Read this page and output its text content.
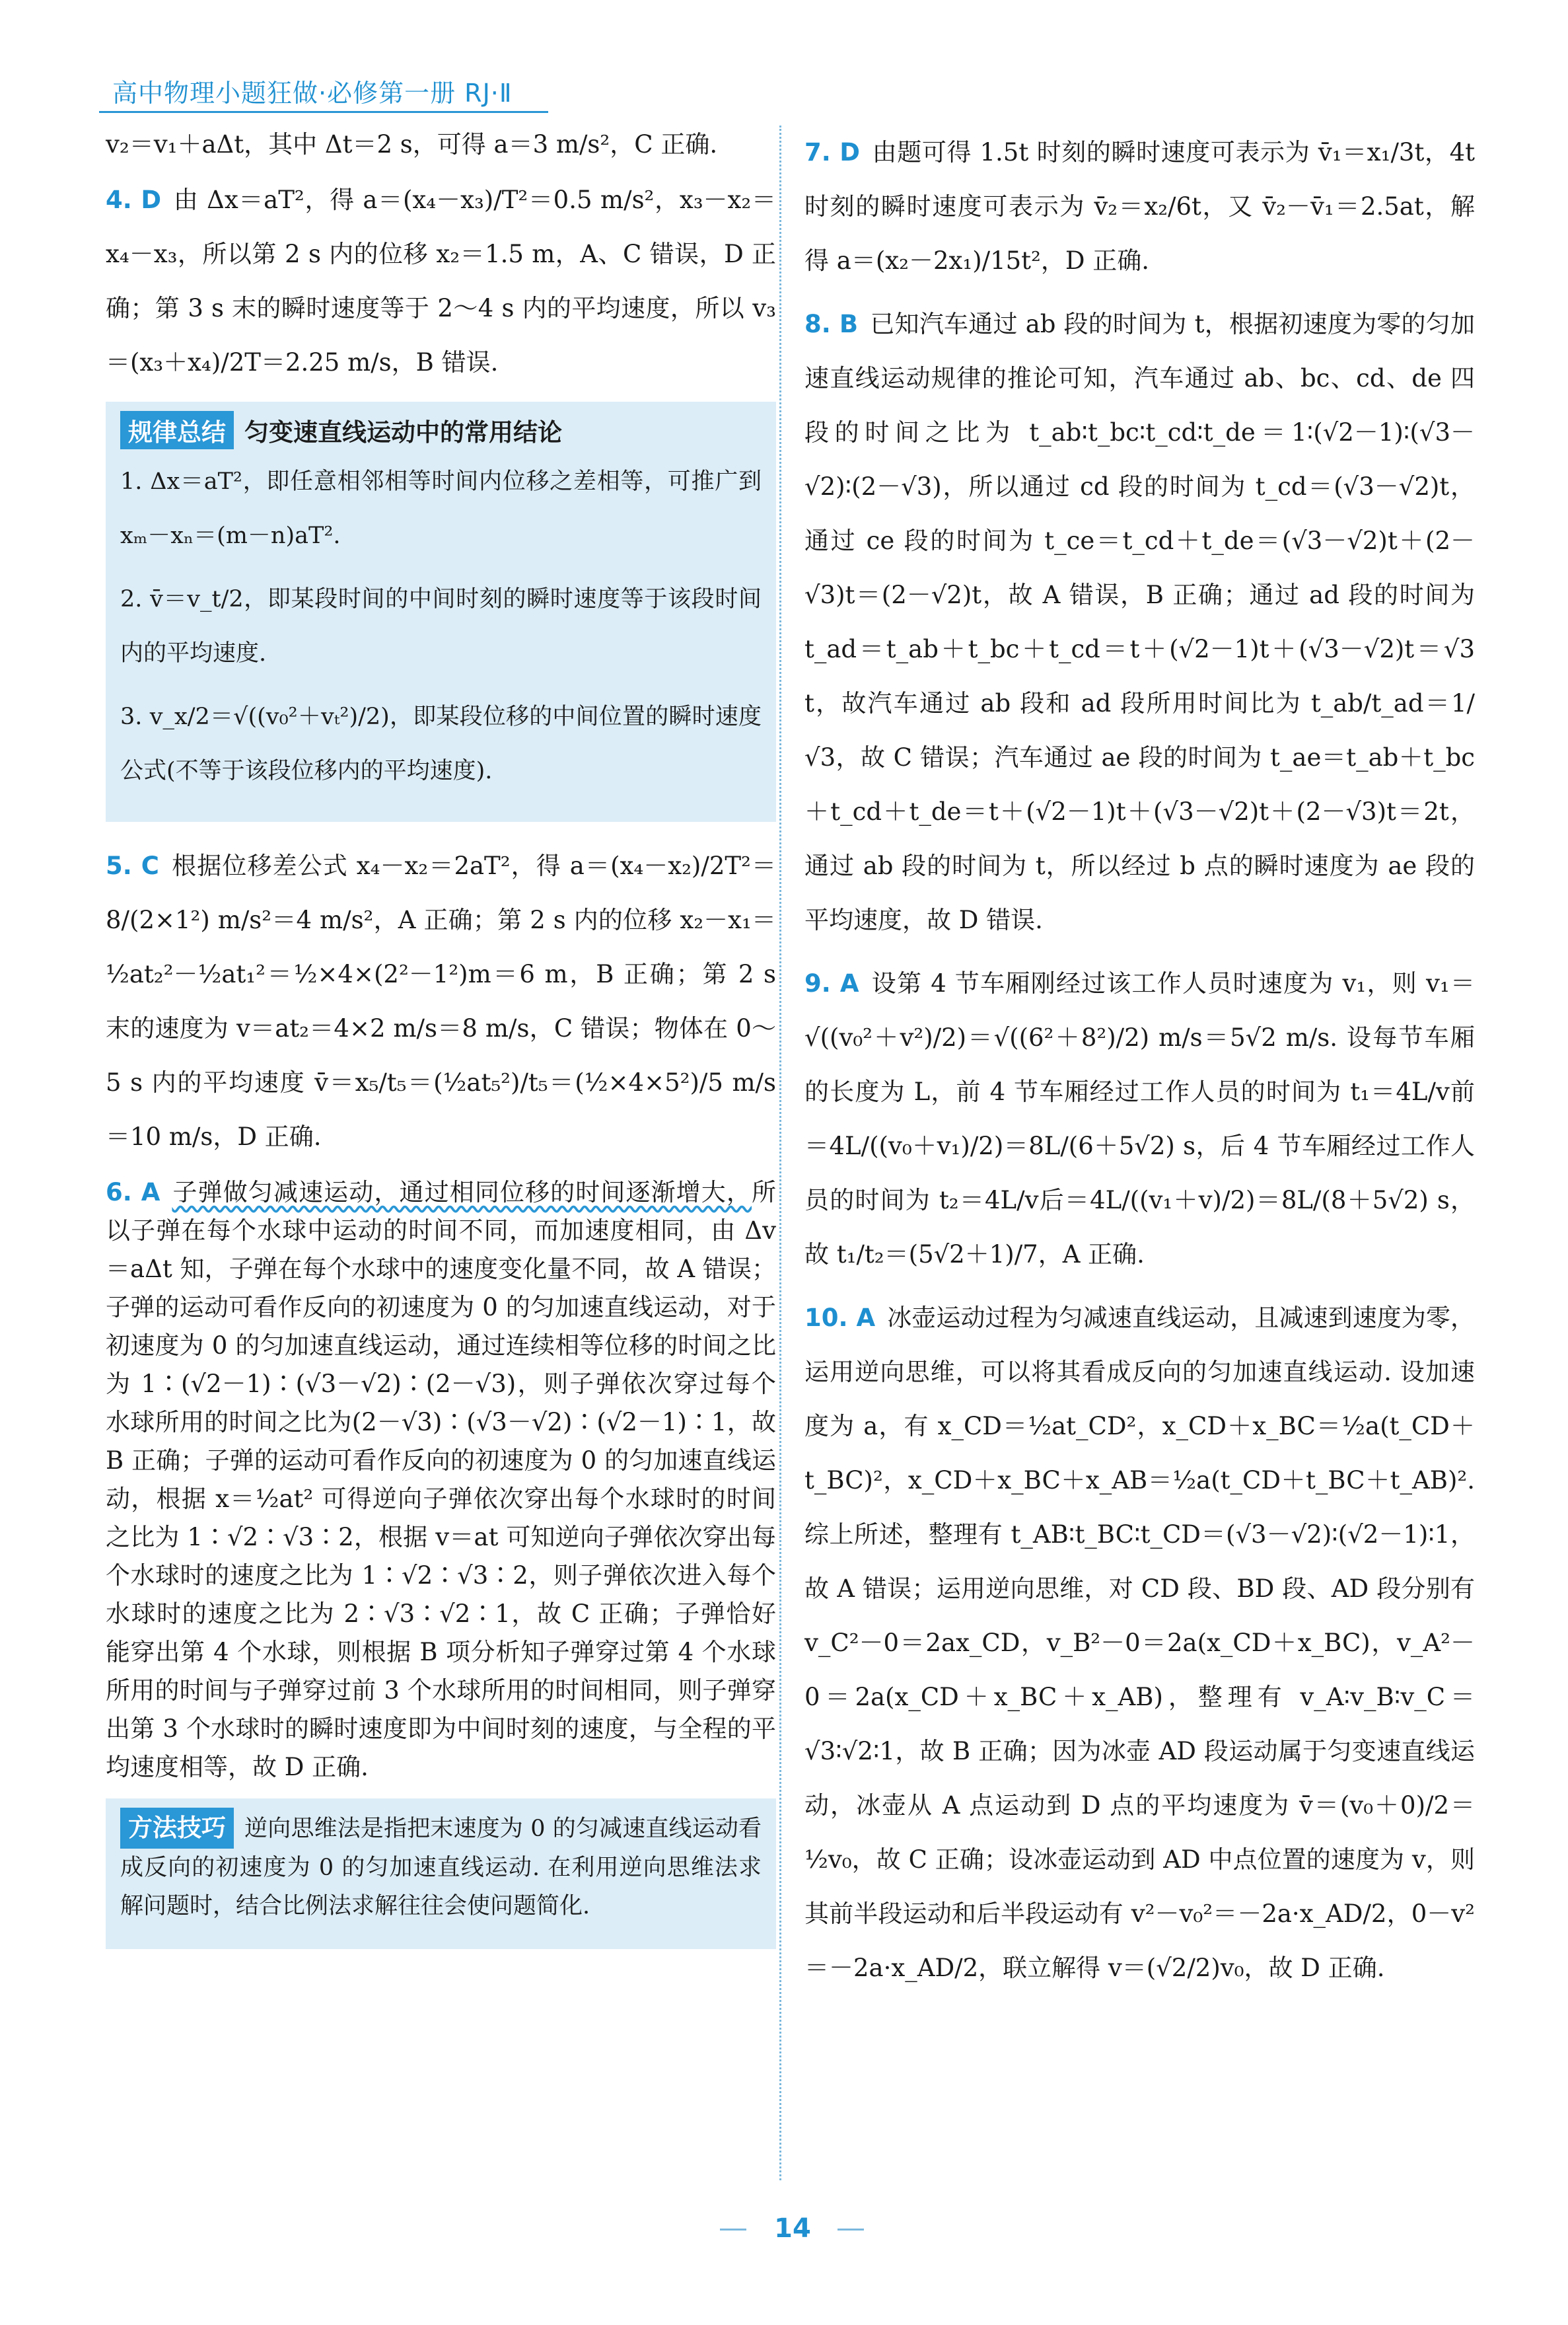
高中物理小题狂做·必修第一册 RJ·Ⅱ

v₂＝v₁＋aΔt，其中 Δt＝2 s，可得 a＝3 m/s²，C 正确.

4. D 由 Δx＝aT²，得 a＝(x₄－x₃)/T²＝0.5 m/s²，x₃－x₂＝x₄－x₃，所以第 2 s 内的位移 x₂＝1.5 m，A、C 错误，D 正确；第 3 s 末的瞬时速度等于 2～4 s 内的平均速度，所以 v₃＝(x₃＋x₄)/2T＝2.25 m/s，B 错误.

规律总结 匀变速直线运动中的常用结论

1. Δx＝aT²，即任意相邻相等时间内位移之差相等，可推广到 xₘ－xₙ＝(m－n)aT².

2. v̄＝v_t/2，即某段时间的中间时刻的瞬时速度等于该段时间内的平均速度.

3. v_x/2＝√((v₀²＋vₜ²)/2)，即某段位移的中间位置的瞬时速度公式(不等于该段位移内的平均速度).

5. C 根据位移差公式 x₄－x₂＝2aT²，得 a＝(x₄－x₂)/2T²＝8/(2×1²) m/s²＝4 m/s²，A 正确；第 2 s 内的位移 x₂－x₁＝½at₂²－½at₁²＝½×4×(2²－1²)m＝6 m，B 正确；第 2 s 末的速度为 v＝at₂＝4×2 m/s＝8 m/s，C 错误；物体在 0～5 s 内的平均速度 v̄＝x₅/t₅＝(½at₅²)/t₅＝(½×4×5²)/5 m/s＝10 m/s，D 正确.

6. A 子弹做匀减速运动，通过相同位移的时间逐渐增大，所以子弹在每个水球中运动的时间不同，而加速度相同，由 Δv＝aΔt 知，子弹在每个水球中的速度变化量不同，故 A 错误；子弹的运动可看作反向的初速度为 0 的匀加速直线运动，对于初速度为 0 的匀加速直线运动，通过连续相等位移的时间之比为 1∶(√2－1)∶(√3－√2)∶(2－√3)，则子弹依次穿过每个水球所用的时间之比为(2－√3)∶(√3－√2)∶(√2－1)∶1，故 B 正确；子弹的运动可看作反向的初速度为 0 的匀加速直线运动，根据 x＝½at² 可得逆向子弹依次穿出每个水球时的时间之比为 1∶√2∶√3∶2，根据 v＝at 可知逆向子弹依次穿出每个水球时的速度之比为 1∶√2∶√3∶2，则子弹依次进入每个水球时的速度之比为 2∶√3∶√2∶1，故 C 正确；子弹恰好能穿出第 4 个水球，则根据 B 项分析知子弹穿过第 4 个水球所用的时间与子弹穿过前 3 个水球所用的时间相同，则子弹穿出第 3 个水球时的瞬时速度即为中间时刻的速度，与全程的平均速度相等，故 D 正确.

方法技巧 逆向思维法是指把末速度为 0 的匀减速直线运动看成反向的初速度为 0 的匀加速直线运动. 在利用逆向思维法求解问题时，结合比例法求解往往会使问题简化.

7. D 由题可得 1.5t 时刻的瞬时速度可表示为 v̄₁＝x₁/3t，4t 时刻的瞬时速度可表示为 v̄₂＝x₂/6t，又 v̄₂－v̄₁＝2.5at，解得 a＝(x₂－2x₁)/15t²，D 正确.

8. B 已知汽车通过 ab 段的时间为 t，根据初速度为零的匀加速直线运动规律的推论可知，汽车通过 ab、bc、cd、de 四段的时间之比为 t_ab∶t_bc∶t_cd∶t_de＝1∶(√2－1)∶(√3－√2)∶(2－√3)，所以通过 cd 段的时间为 t_cd＝(√3－√2)t，通过 ce 段的时间为 t_ce＝t_cd＋t_de＝(√3－√2)t＋(2－√3)t＝(2－√2)t，故 A 错误，B 正确；通过 ad 段的时间为 t_ad＝t_ab＋t_bc＋t_cd＝t＋(√2－1)t＋(√3－√2)t＝√3 t，故汽车通过 ab 段和 ad 段所用时间比为 t_ab/t_ad＝1/√3，故 C 错误；汽车通过 ae 段的时间为 t_ae＝t_ab＋t_bc＋t_cd＋t_de＝t＋(√2－1)t＋(√3－√2)t＋(2－√3)t＝2t，通过 ab 段的时间为 t，所以经过 b 点的瞬时速度为 ae 段的平均速度，故 D 错误.

9. A 设第 4 节车厢刚经过该工作人员时速度为 v₁，则 v₁＝√((v₀²＋v²)/2)＝√((6²＋8²)/2) m/s＝5√2 m/s. 设每节车厢的长度为 L，前 4 节车厢经过工作人员的时间为 t₁＝4L/v前＝4L/((v₀＋v₁)/2)＝8L/(6＋5√2) s，后 4 节车厢经过工作人员的时间为 t₂＝4L/v后＝4L/((v₁＋v)/2)＝8L/(8＋5√2) s，故 t₁/t₂＝(5√2＋1)/7，A 正确.

10. A 冰壶运动过程为匀减速直线运动，且减速到速度为零，运用逆向思维，可以将其看成反向的匀加速直线运动. 设加速度为 a，有 x_CD＝½at_CD²，x_CD＋x_BC＝½a(t_CD＋t_BC)²，x_CD＋x_BC＋x_AB＝½a(t_CD＋t_BC＋t_AB)². 综上所述，整理有 t_AB∶t_BC∶t_CD＝(√3－√2)∶(√2－1)∶1，故 A 错误；运用逆向思维，对 CD 段、BD 段、AD 段分别有 v_C²－0＝2ax_CD，v_B²－0＝2a(x_CD＋x_BC)，v_A²－0＝2a(x_CD＋x_BC＋x_AB)，整理有 v_A∶v_B∶v_C＝√3∶√2∶1，故 B 正确；因为冰壶 AD 段运动属于匀变速直线运动，冰壶从 A 点运动到 D 点的平均速度为 v̄＝(v₀＋0)/2＝½v₀，故 C 正确；设冰壶运动到 AD 中点位置的速度为 v，则其前半段运动和后半段运动有 v²－v₀²＝－2a·x_AD/2，0－v²＝－2a·x_AD/2，联立解得 v＝(√2/2)v₀，故 D 正确.

14
